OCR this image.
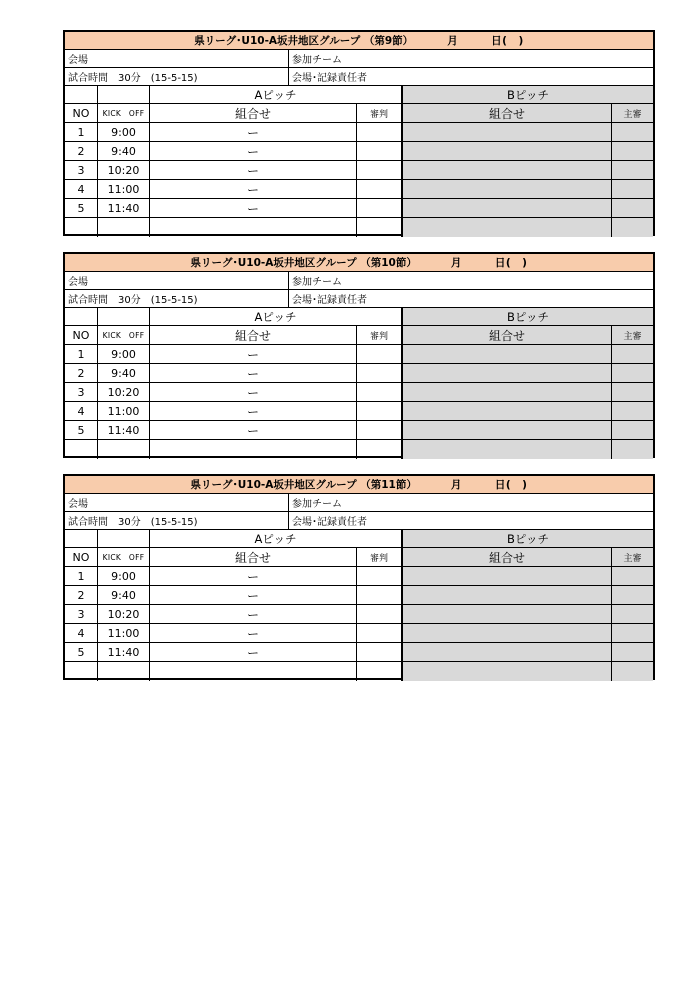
県リーグ･U10-A坂井地区グループ （第9節）	月　　　日(　)
会場	参加チーム
試合時間　30分　(15-5-15)	会場･記録責任者
Aピッチ	Bピッチ
NO	KICK　OFF	組合せ	審判	組合せ	主審
1	9:00	ー
2	9:40	ー
3	10:20	ー
4	11:00	ー
5	11:40	ー
県リーグ･U10-A坂井地区グループ （第10節）	月　　　日(　)
会場	参加チーム
試合時間　30分　(15-5-15)	会場･記録責任者
Aピッチ	Bピッチ
NO	KICK　OFF	組合せ	審判	組合せ	主審
1	9:00	ー
2	9:40	ー
3	10:20	ー
4	11:00	ー
5	11:40	ー
県リーグ･U10-A坂井地区グループ （第11節）	月　　　日(　)
会場	参加チーム
試合時間　30分　(15-5-15)	会場･記録責任者
Aピッチ	Bピッチ
NO	KICK　OFF	組合せ	審判	組合せ	主審
1	9:00	ー
2	9:40	ー
3	10:20	ー
4	11:00	ー
5	11:40	ー
